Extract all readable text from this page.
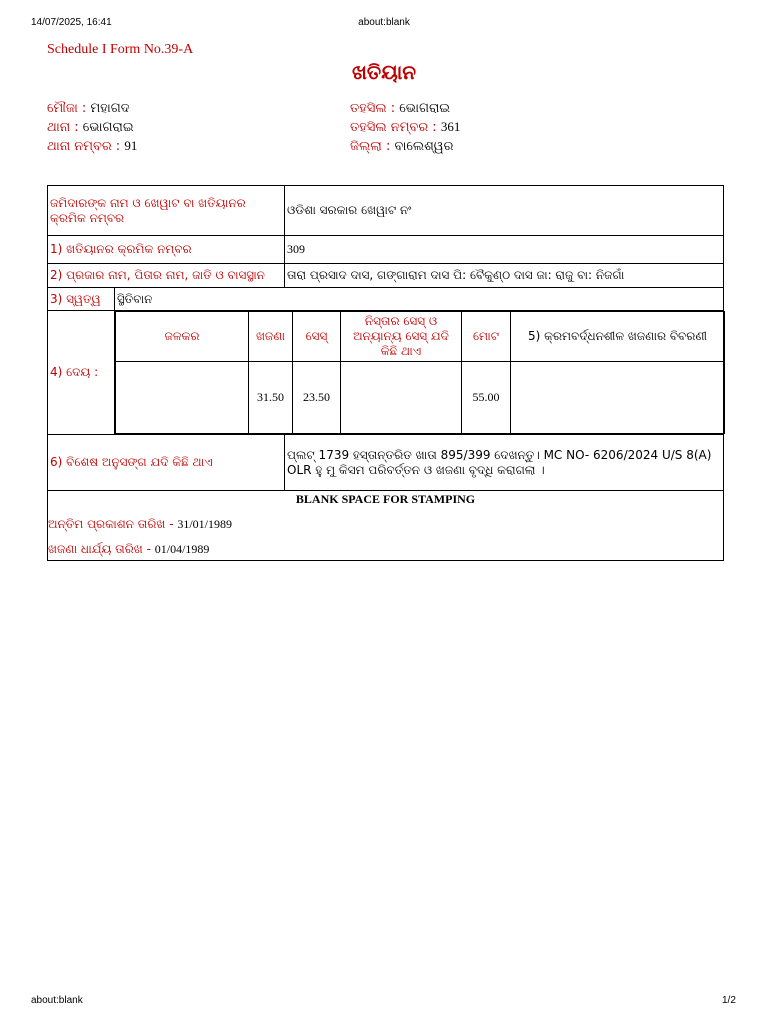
14/07/2025, 16:41	about:blank
Schedule I Form No.39-A
ଖତିୟାନ
ମୌଜା : ମହାଗଦ
ଥାନା : ଭୋଗରାଇ
ଥାନା ନମ୍ବର : 91
ତହସିଲ : ଭୋଗରାଇ
ତହସିଲ ନମ୍ବର : 361
ଜିଲ୍ଲା : ବାଲେଶ୍ୱର
ଜମିଦାରଙ୍କ ନାମ ଓ ଖେୱାଟ ବା ଖତିୟାନର କ୍ରମିକ ନମ୍ବର	ଓଡିଶା ସରକାର ଖେୱାଟ ନଂ
1) ଖତିୟାନର କ୍ରମିକ ନମ୍ବର	309
2) ପ୍ରଜାର ନାମ, ପିତାର ନାମ, ଜାତି ଓ ବାସସ୍ଥାନ	ତାରା ପ୍ରସାଦ ଦାସ, ଗଙ୍ଗାରାମ ଦାସ ପି: ବୈକୁଣ୍ଠ ଦାସ ଜା: ରାଜୁ ବା: ନିଜଗାଁ
3) ସ୍ୱତ୍ୱ	ସ୍ଥିତିବାନ
4) ଦେୟ :	
ଜଳକର	ଖଜଣା	ସେସ୍	ନିସ୍ତାର ସେସ୍ ଓ ଅନ୍ୟାନ୍ୟ ସେସ୍ ଯଦି କିଛି ଥାଏ	ମୋଟ	5) କ୍ରମବର୍ଦ୍ଧନଶୀଳ ଖଜଣାର ବିବରଣୀ
	31.50	23.50		55.00	

6) ବିଶେଷ ଅନୁସଙ୍ଗ ଯଦି କିଛି ଥାଏ	ପ୍ଲଟ୍ 1739 ହସ୍ତାନ୍ତରିତ ଖାତା 895/399 ଦେଖନ୍ତୁ। MC NO- 6206/2024 U/S 8(A) OLR ହୁ ମୁ କିସମ ପରିବର୍ତ୍ତନ ଓ ଖଜଣା ବୃଦ୍ଧି କରାଗଲା ।

BLANK SPACE FOR STAMPING
ଅନ୍ତିମ ପ୍ରକାଶନ ତାରିଖ - 31/01/1989
ଖଜଣା ଧାର୍ଯ୍ୟ ତାରିଖ - 01/04/1989
about:blank	1/2
